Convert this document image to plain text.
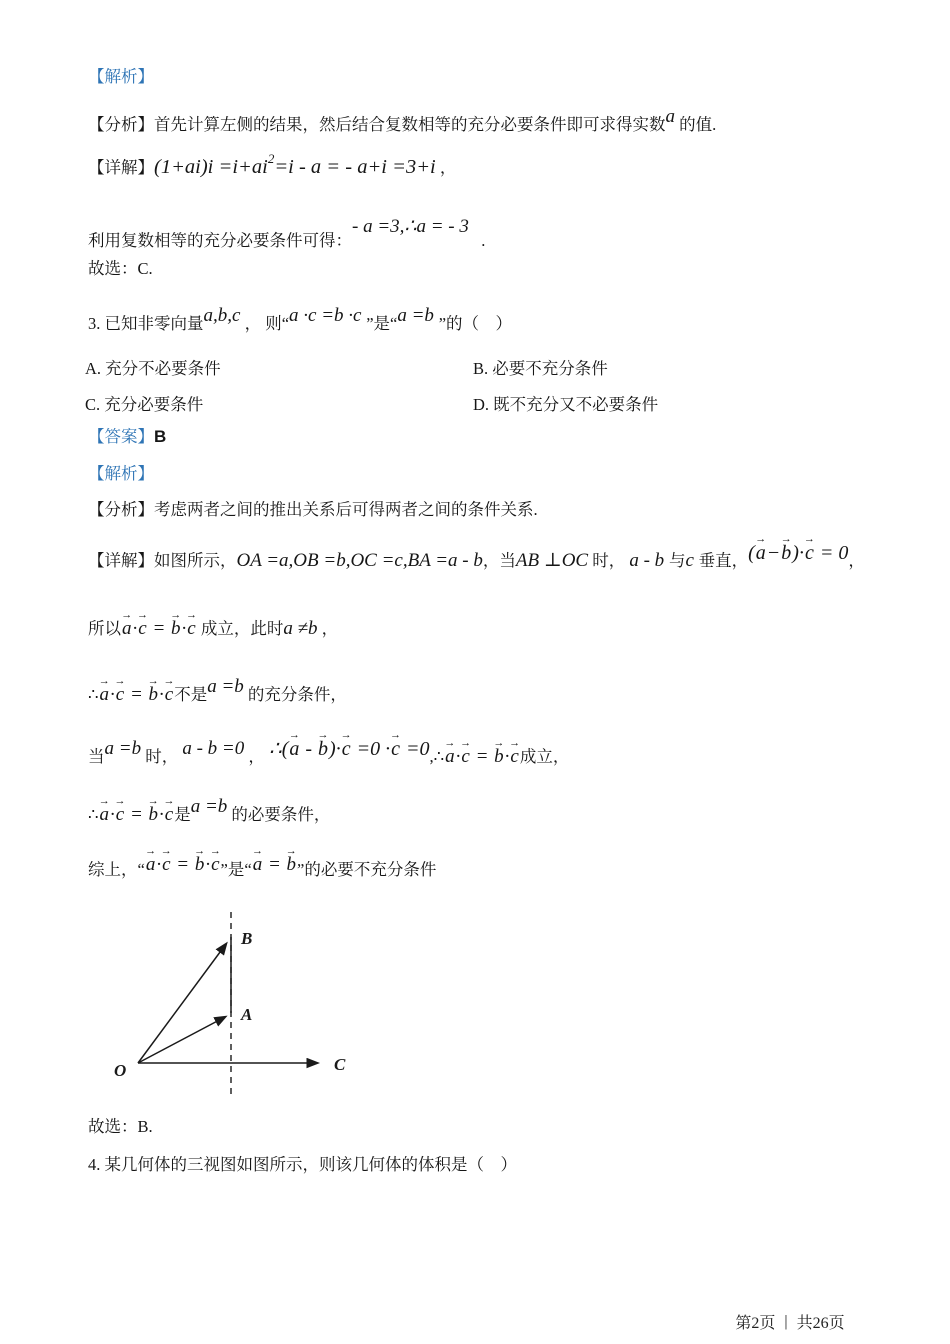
【解析】
【分析】首先计算左侧的结果，然后结合复数相等的充分必要条件即可求得实数a 的值.
【详解】$(1+ai)i =i+ai^2=i - a$ = - a+i =3+i ，
利用复数相等的充分必要条件可得：- a =3,∴a = - 3   .
故选：C.
3. 已知非零向量a,b,c ， 则“a ·c =b ·c ”是“a =b ”的（　）
A. 充分不必要条件	B. 必要不充分条件
C. 充分必要条件	D. 既不充分又不必要条件
【答案】B
【解析】
【分析】考虑两者之间的推出关系后可得两者之间的条件关系.
【详解】如图所示，OA =a,OB =b,OC =c,BA =a - b，当AB ⊥OC 时， a - b 与c 垂直，(→ a−→ b)·→ c = 0，
所以→ a·→ c = → b·→ c 成立，此时a ≠b ，
∴→ a·→ c = → b·→ c不是a =b 的充分条件，
当a =b 时， a - b =0 ， ∴(→ a - → b)·→ c =0 ·→ c =0,∴→ a·→ c = → b·→ c成立，
∴→ a·→ c = → b·→ c是a =b 的必要条件，
综上，“→ a·→ c = → b·→ c”是“→ a = → b”的必要不充分条件
O
B
A
C
故选：B.
4. 某几何体的三视图如图所示，则该几何体的体积是（　）
第2页 | 共26页
